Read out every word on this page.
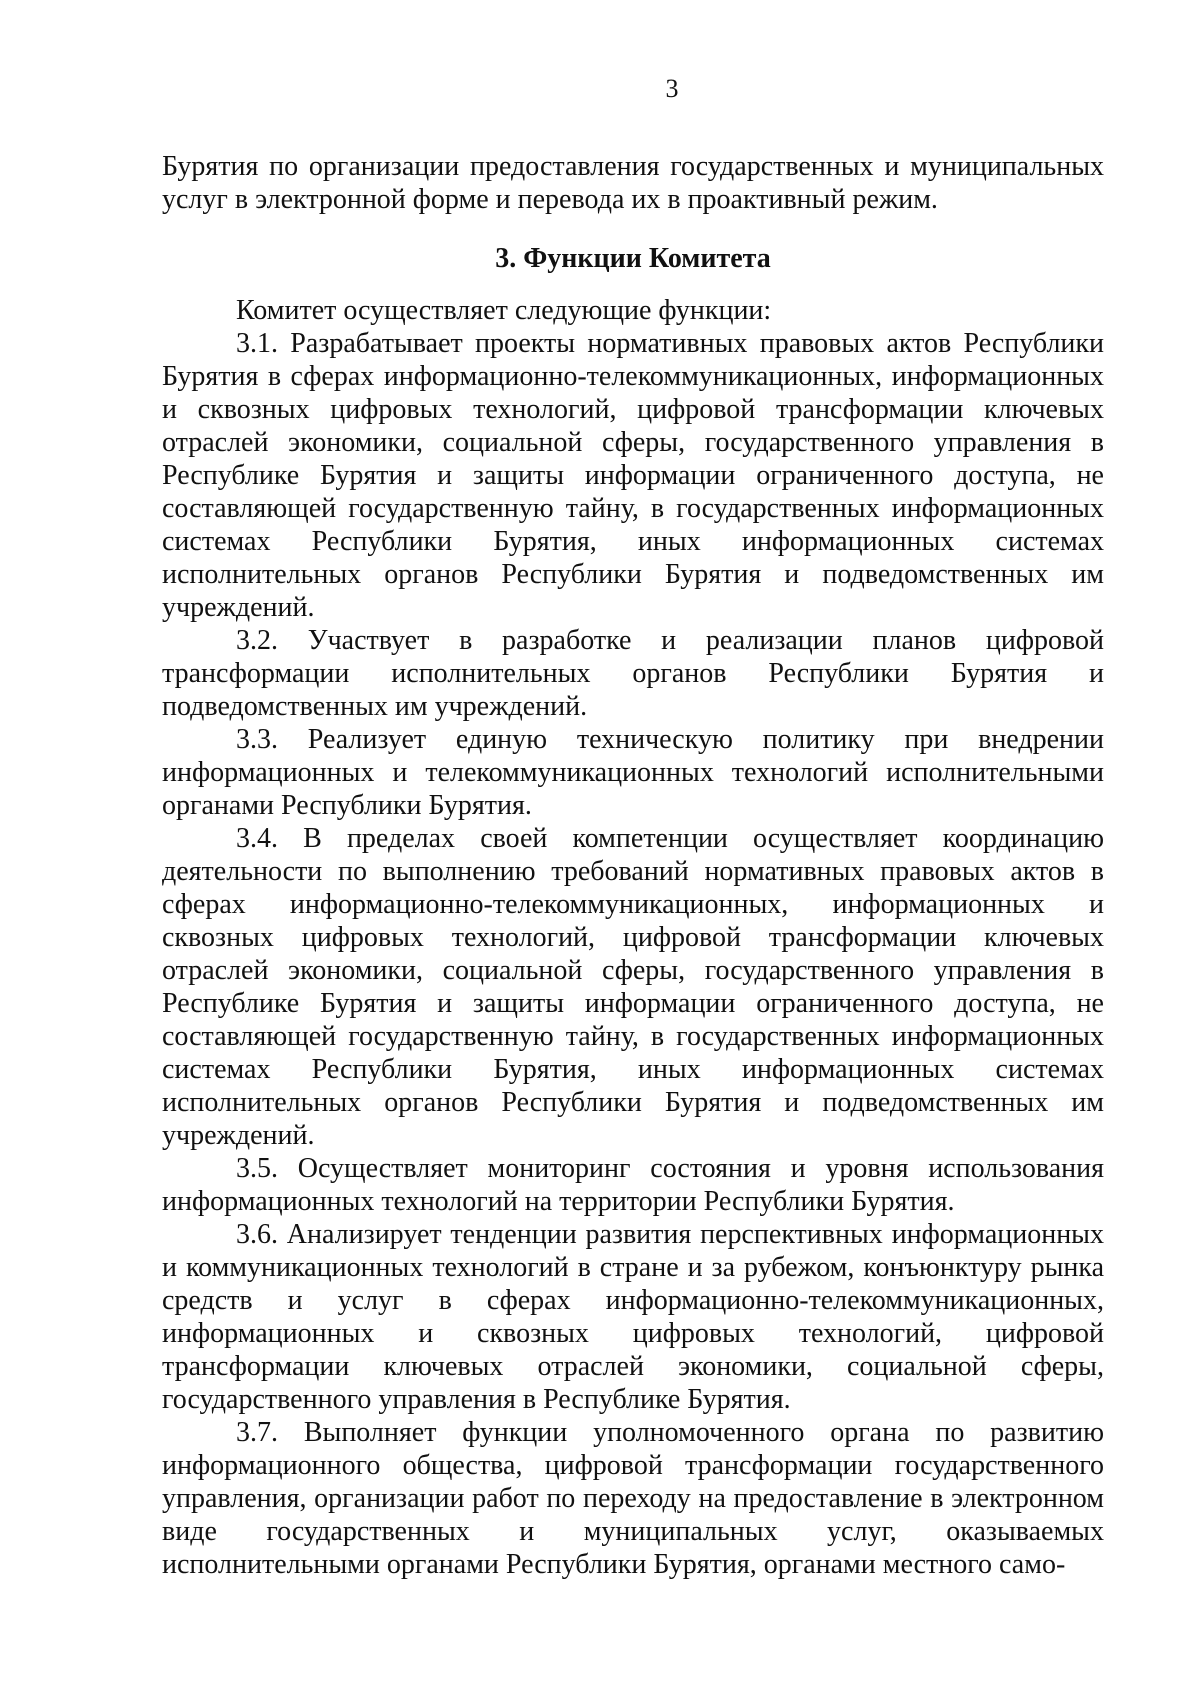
3

Бурятия по организации предоставления государственных и муниципальных услуг в электронной форме и перевода их в проактивный режим.

3. Функции Комитета

Комитет осуществляет следующие функции:

3.1. Разрабатывает проекты нормативных правовых актов Республики Бурятия в сферах информационно-телекоммуникационных, информационных и сквозных цифровых технологий, цифровой трансформации ключевых отраслей экономики, социальной сферы, государственного управления в Республике Бурятия и защиты информации ограниченного доступа, не составляющей государственную тайну, в государственных информационных системах Республики Бурятия, иных информационных системах исполнительных органов Республики Бурятия и подведомственных им учреждений.

3.2. Участвует в разработке и реализации планов цифровой трансформации исполнительных органов Республики Бурятия и подведомственных им учреждений.

3.3. Реализует единую техническую политику при внедрении информационных и телекоммуникационных технологий исполнительными органами Республики Бурятия.

3.4. В пределах своей компетенции осуществляет координацию деятельности по выполнению требований нормативных правовых актов в сферах информационно-телекоммуникационных, информационных и сквозных цифровых технологий, цифровой трансформации ключевых отраслей экономики, социальной сферы, государственного управления в Республике Бурятия и защиты информации ограниченного доступа, не составляющей государственную тайну, в государственных информационных системах Республики Бурятия, иных информационных системах исполнительных органов Республики Бурятия и подведомственных им учреждений.

3.5. Осуществляет мониторинг состояния и уровня использования информационных технологий на территории Республики Бурятия.

3.6. Анализирует тенденции развития перспективных информационных и коммуникационных технологий в стране и за рубежом, конъюнктуру рынка средств и услуг в сферах информационно-телекоммуникационных, информационных и сквозных цифровых технологий, цифровой трансформации ключевых отраслей экономики, социальной сферы, государственного управления в Республике Бурятия.

3.7. Выполняет функции уполномоченного органа по развитию информационного общества, цифровой трансформации государственного управления, организации работ по переходу на предоставление в электронном виде государственных и муниципальных услуг, оказываемых исполнительными органами Республики Бурятия, органами местного само-
